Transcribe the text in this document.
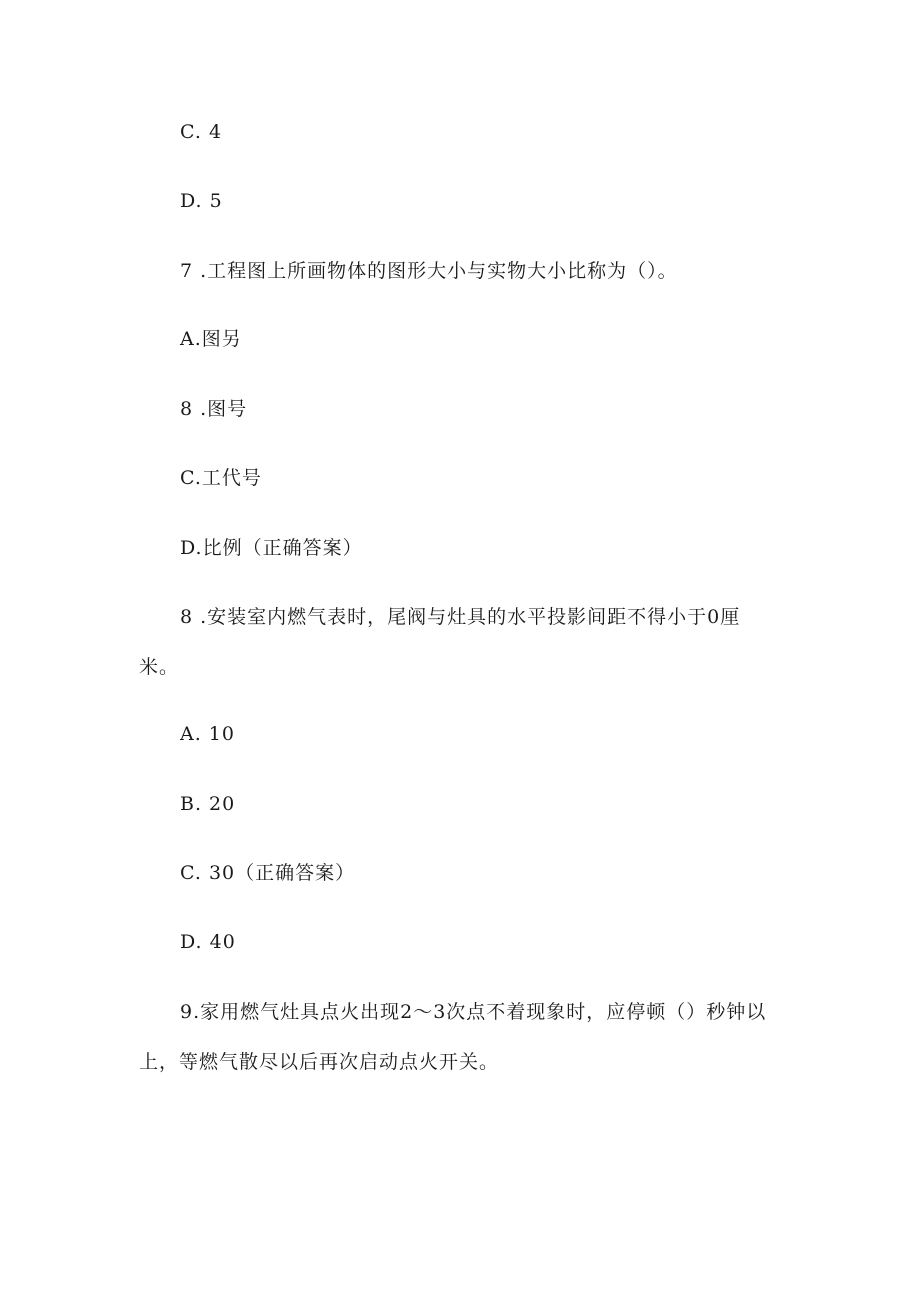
C. 4
D. 5
7 .工程图上所画物体的图形大小与实物大小比称为（）。
A.图另
8 .图号
C.工代号
D.比例（正确答案）
8 .安装室内燃气表时，尾阀与灶具的水平投影间距不得小于0厘
米。
A. 10
B. 20
C. 30（正确答案）
D. 40
9.家用燃气灶具点火出现2～3次点不着现象时，应停顿（）秒钟以
上，等燃气散尽以后再次启动点火开关。
